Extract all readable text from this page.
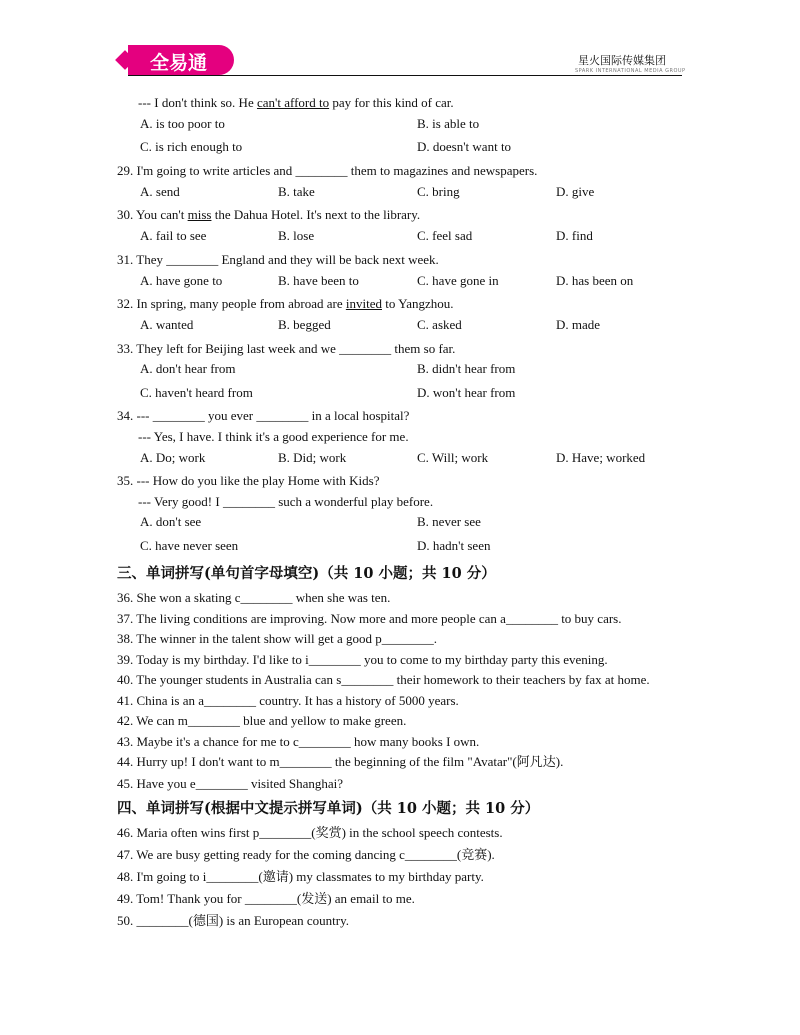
全易通	星火国际传媒集团
SPARK INTERNATIONAL MEDIA GROUP
--- I don't think so. He can't afford to pay for this kind of car.
A. is too poor to	B. is able to
C. is rich enough to	D. doesn't want to
29. I'm going to write articles and ________ them to magazines and newspapers.
A. send	B. take	C. bring	D. give
30. You can't miss the Dahua Hotel. It's next to the library.
A. fail to see	B. lose	C. feel sad	D. find
31. They ________ England and they will be back next week.
A. have gone to	B. have been to	C. have gone in	D. has been on
32. In spring, many people from abroad are invited to Yangzhou.
A. wanted	B. begged	C. asked	D. made
33. They left for Beijing last week and we ________ them so far.
A. don't hear from	B. didn't hear from
C. haven't heard from	D. won't hear from
34. --- ________ you ever ________ in a local hospital?
--- Yes, I have. I think it's a good experience for me.
A. Do; work	B. Did; work	C. Will; work	D. Have; worked
35. --- How do you like the play Home with Kids?
--- Very good! I ________ such a wonderful play before.
A. don't see	B. never see
C. have never seen	D. hadn't seen
三、单词拼写(单句首字母填空)（共 10 小题；共 10 分）
36. She won a skating c________ when she was ten.
37. The living conditions are improving. Now more and more people can a________ to buy cars.
38. The winner in the talent show will get a good p________.
39. Today is my birthday. I'd like to i________ you to come to my birthday party this evening.
40. The younger students in Australia can s________ their homework to their teachers by fax at home.
41. China is an a________ country. It has a history of 5000 years.
42. We can m________ blue and yellow to make green.
43. Maybe it's a chance for me to c________ how many books I own.
44. Hurry up! I don't want to m________ the beginning of the film "Avatar"(阿凡达).
45. Have you e________ visited Shanghai?
四、单词拼写(根据中文提示拼写单词)（共 10 小题；共 10 分）
46. Maria often wins first p________(奖赏) in the school speech contests.
47. We are busy getting ready for the coming dancing c________(竞赛).
48. I'm going to i________(邀请) my classmates to my birthday party.
49. Tom! Thank you for ________(发送) an email to me.
50. ________(德国) is an European country.
